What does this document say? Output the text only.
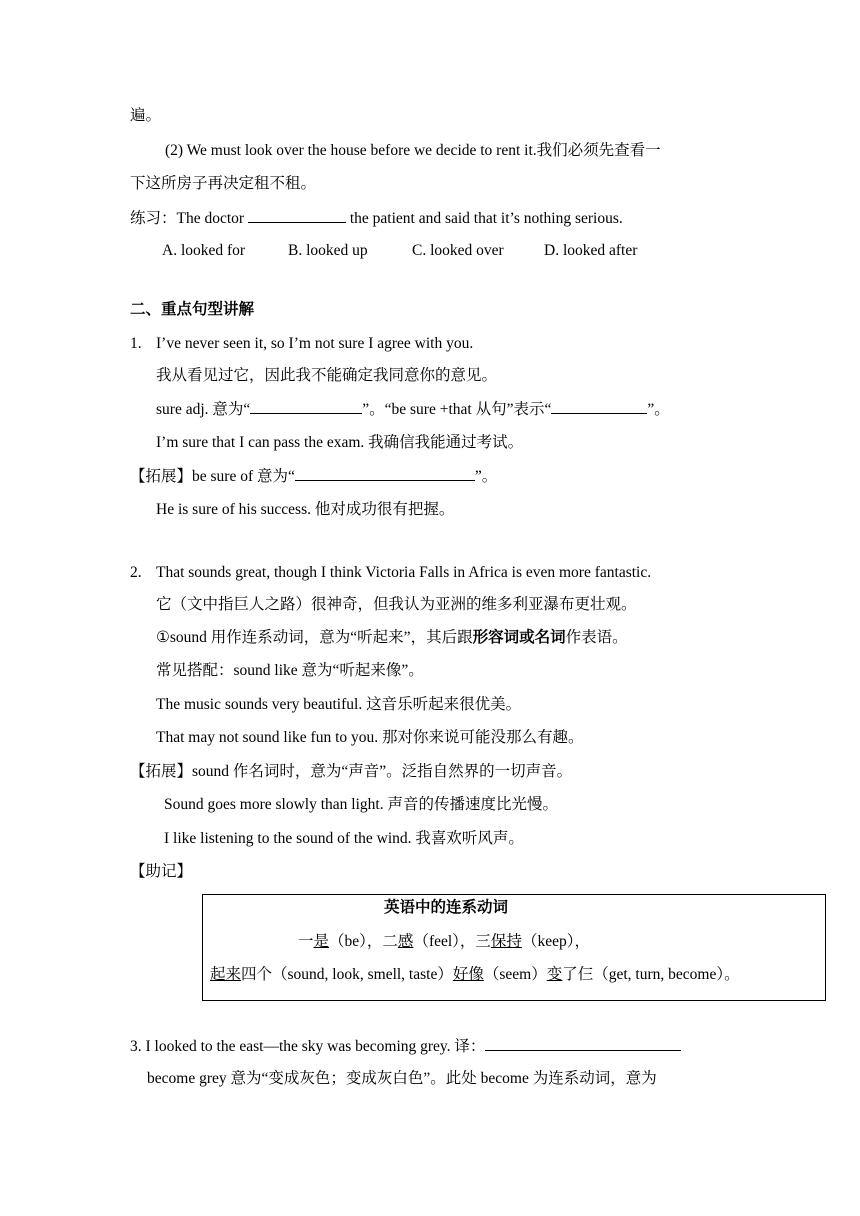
遍。
(2) We must look over the house before we decide to rent it.我们必须先查看一
下这所房子再决定租不租。
练习：The doctor	the patient and said that it’s nothing serious.
A. looked for	B. looked up	C. looked over	D. looked after
二、重点句型讲解
1. I’ve never seen it, so I’m not sure I agree with you.
我从看见过它，因此我不能确定我同意你的意见。
sure adj. 意为“	”。“be sure +that 从句”表示“	”。
I’m sure that I can pass the exam. 我确信我能通过考试。
【拓展】be sure of 意为“	”。
He is sure of his success. 他对成功很有把握。
2. That sounds great, though I think Victoria Falls in Africa is even more fantastic.
它（文中指巨人之路）很神奇，但我认为亚洲的维多利亚瀑布更壮观。
①sound 用作连系动词，意为“听起来”，其后跟形容词或名词作表语。
常见搭配：sound like 意为“听起来像”。
The music sounds very beautiful. 这音乐听起来很优美。
That may not sound like fun to you. 那对你来说可能没那么有趣。
【拓展】sound 作名词时，意为“声音”。泛指自然界的一切声音。
Sound goes more slowly than light. 声音的传播速度比光慢。
I like listening to the sound of the wind. 我喜欢听风声。
【助记】
英语中的连系动词
一是（be），二感（feel），三保持（keep），
起来四个（sound, look, smell, taste）好像（seem）变了仨（get, turn, become）。
3. I looked to the east—the sky was becoming grey. 译：
become grey 意为“变成灰色；变成灰白色”。此处 become 为连系动词，意为
